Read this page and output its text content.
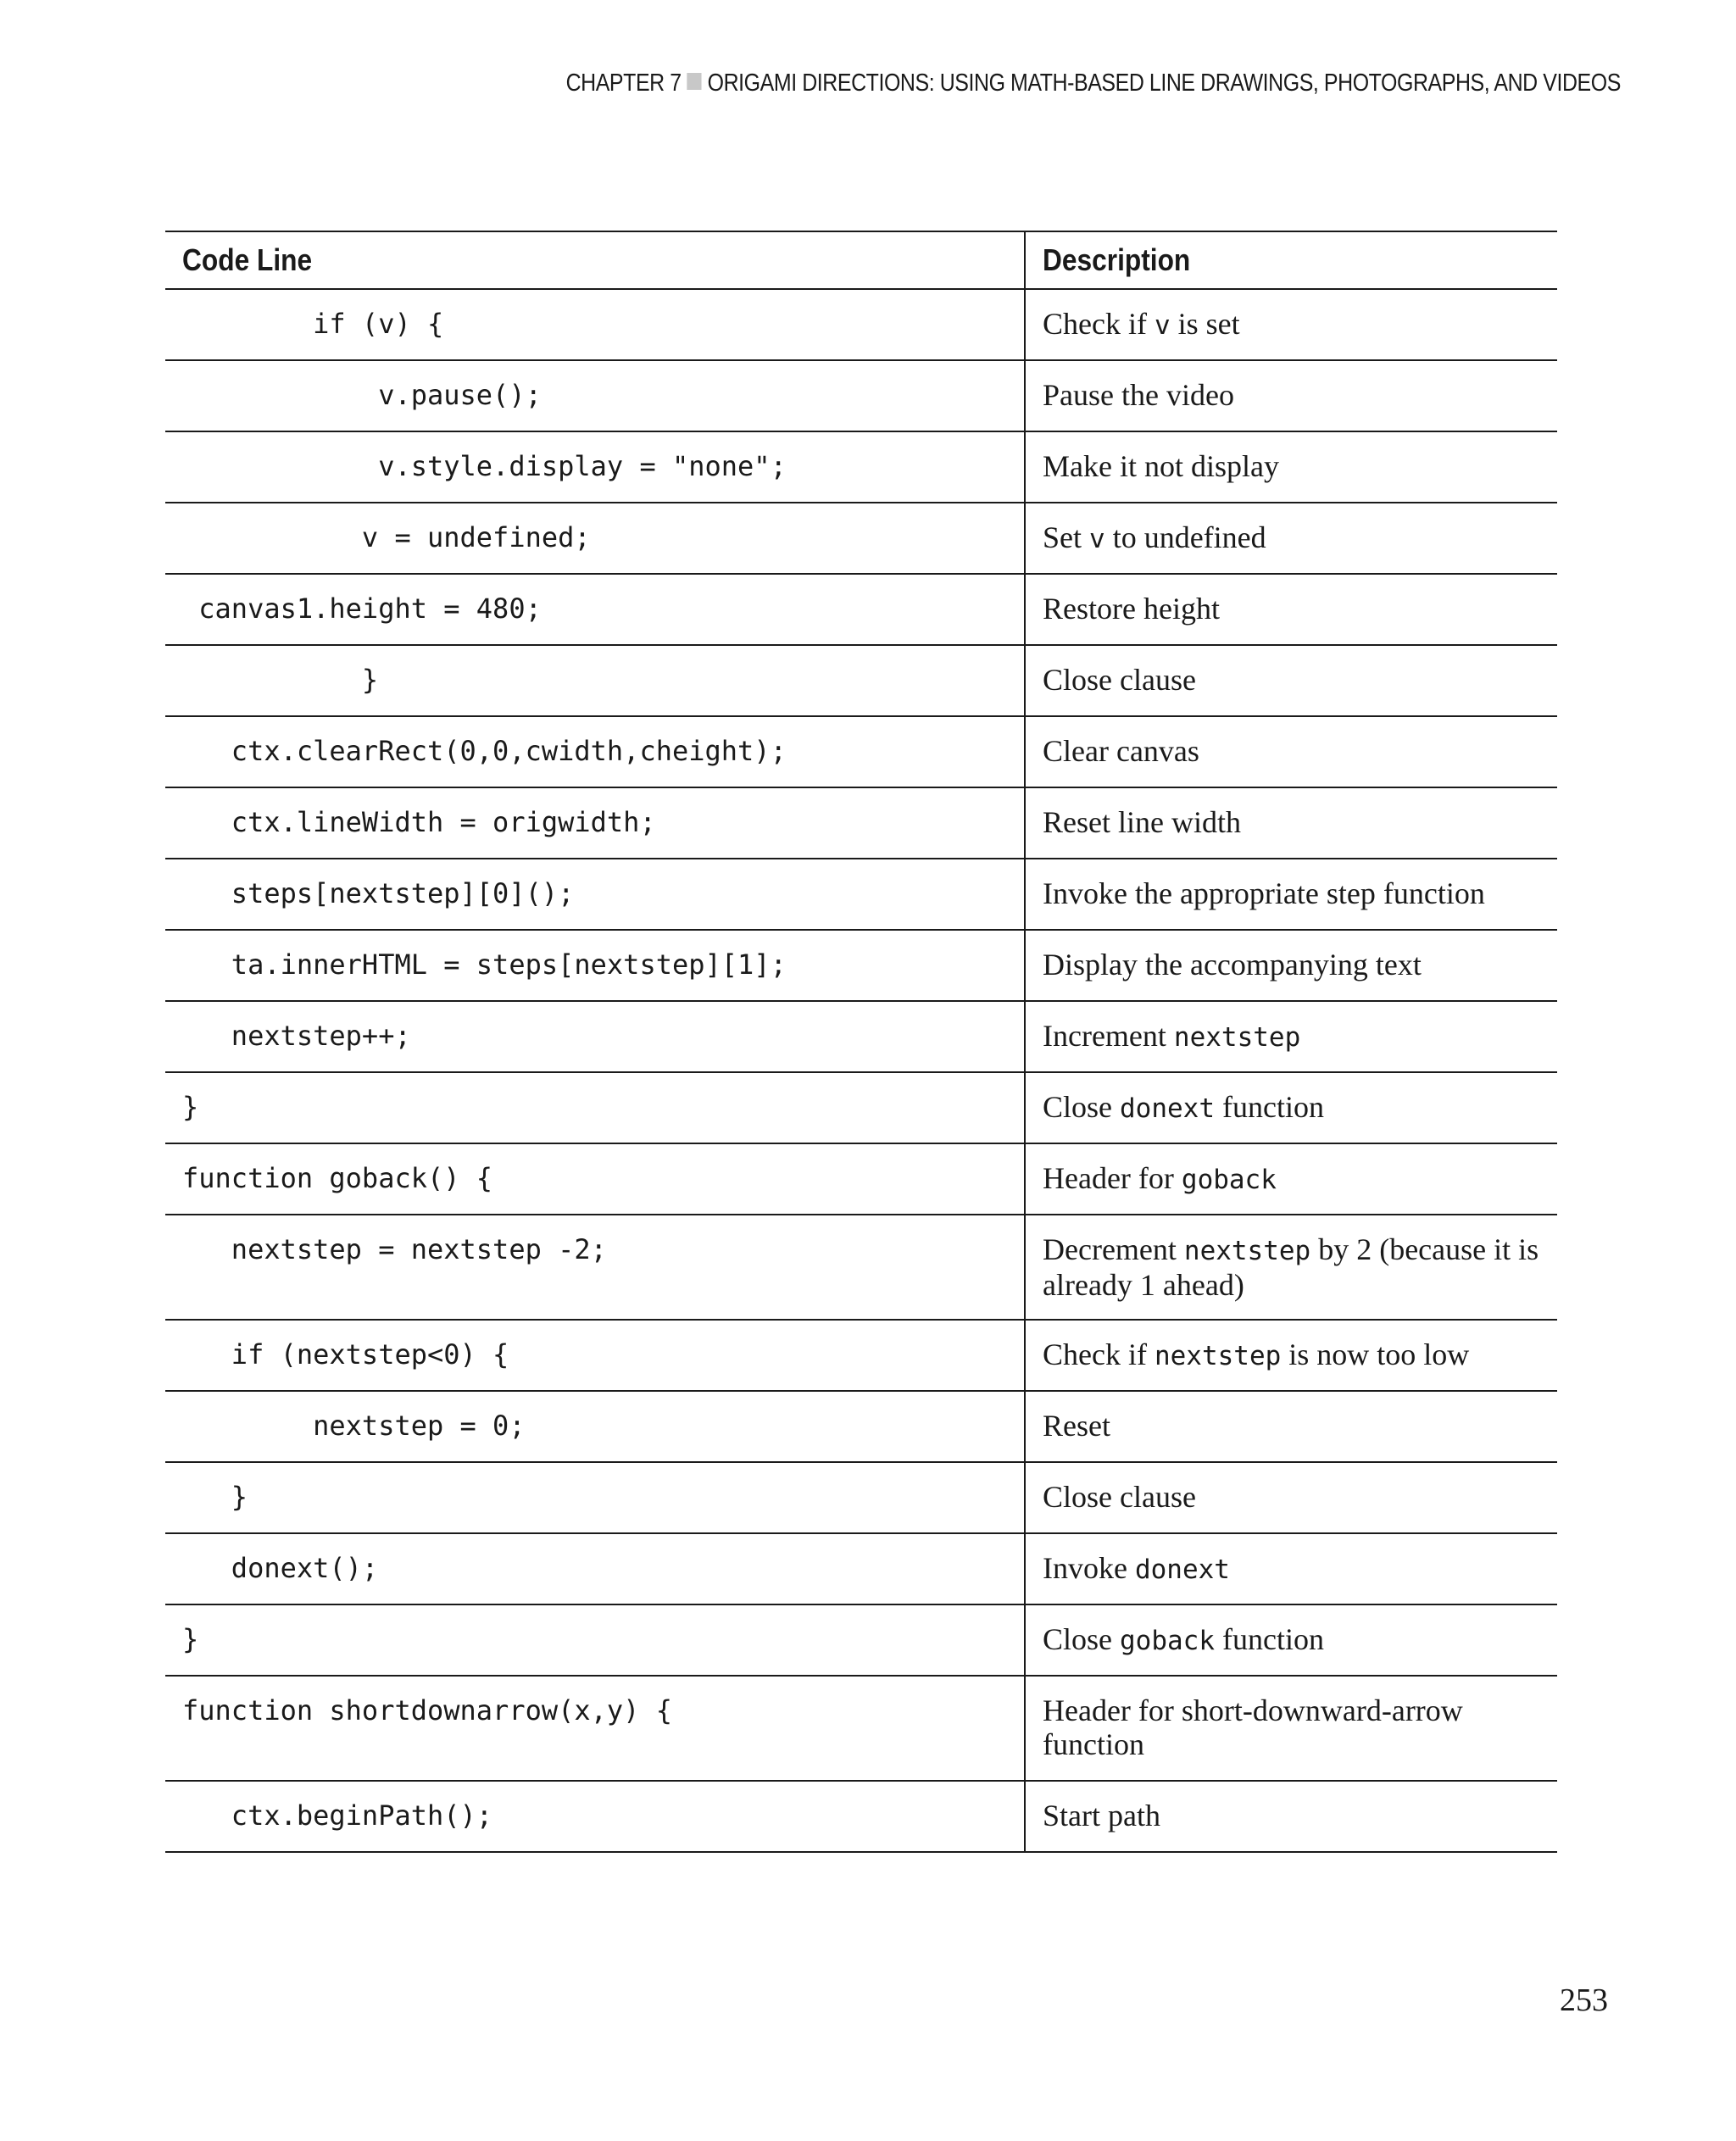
CHAPTER 7 ORIGAMI DIRECTIONS: USING MATH-BASED LINE DRAWINGS, PHOTOGRAPHS, AND VIDEOS
Code Line	Description
if (v) {	Check if v is set
v.pause();	Pause the video
v.style.display = "none";	Make it not display
v = undefined;	Set v to undefined
canvas1.height = 480;	Restore height
}	Close clause
ctx.clearRect(0,0,cwidth,cheight);	Clear canvas
ctx.lineWidth = origwidth;	Reset line width
steps[nextstep][0]();	Invoke the appropriate step function
ta.innerHTML = steps[nextstep][1];	Display the accompanying text
nextstep++;	Increment nextstep
}	Close donext function
function goback() {	Header for goback
nextstep = nextstep -2;	Decrement nextstep by 2 (because it is already 1 ahead)
if (nextstep<0) {	Check if nextstep is now too low
nextstep = 0;	Reset
}	Close clause
donext();	Invoke donext
}	Close goback function
function shortdownarrow(x,y) {	Header for short-downward-arrow function
ctx.beginPath();	Start path
253
